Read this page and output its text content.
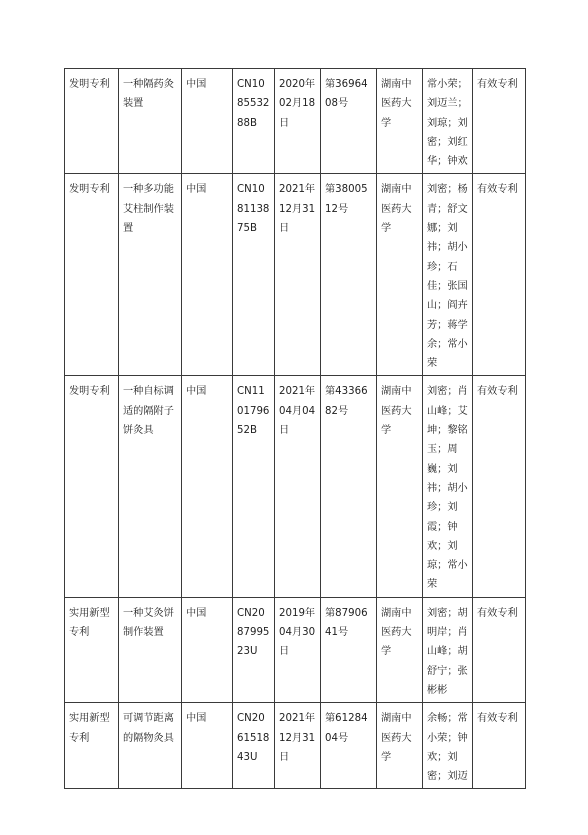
发明专利	一种隔药灸装置	中国	CN108553288B	2020年02月18日	第3696408号	湖南中医药大学	常小荣；刘迈兰；刘琼；刘密；刘红华；钟欢	有效专利
发明专利	一种多功能艾柱制作装置	中国	CN108113875B	2021年12月31日	第3800512号	湖南中医药大学	刘密；杨青；舒文娜；刘祎；胡小珍；石佳；张国山；阎卉芳；蒋学余；常小荣	有效专利
发明专利	一种自标调适的隔附子饼灸具	中国	CN110179652B	2021年04月04日	第4336682号	湖南中医药大学	刘密；肖山峰；艾坤；黎铭玉；周巍；刘祎；胡小珍；刘霞；钟欢；刘琼；常小荣	有效专利
实用新型专利	一种艾灸饼制作装置	中国	CN208799523U	2019年04月30日	第8790641号	湖南中医药大学	刘密；胡明岸；肖山峰；胡舒宁；张彬彬	有效专利
实用新型专利	可调节距离的隔物灸具	中国	CN206151843U	2021年12月31日	第6128404号	湖南中医药大学	余畅；常小荣；钟欢；刘密；刘迈	有效专利
